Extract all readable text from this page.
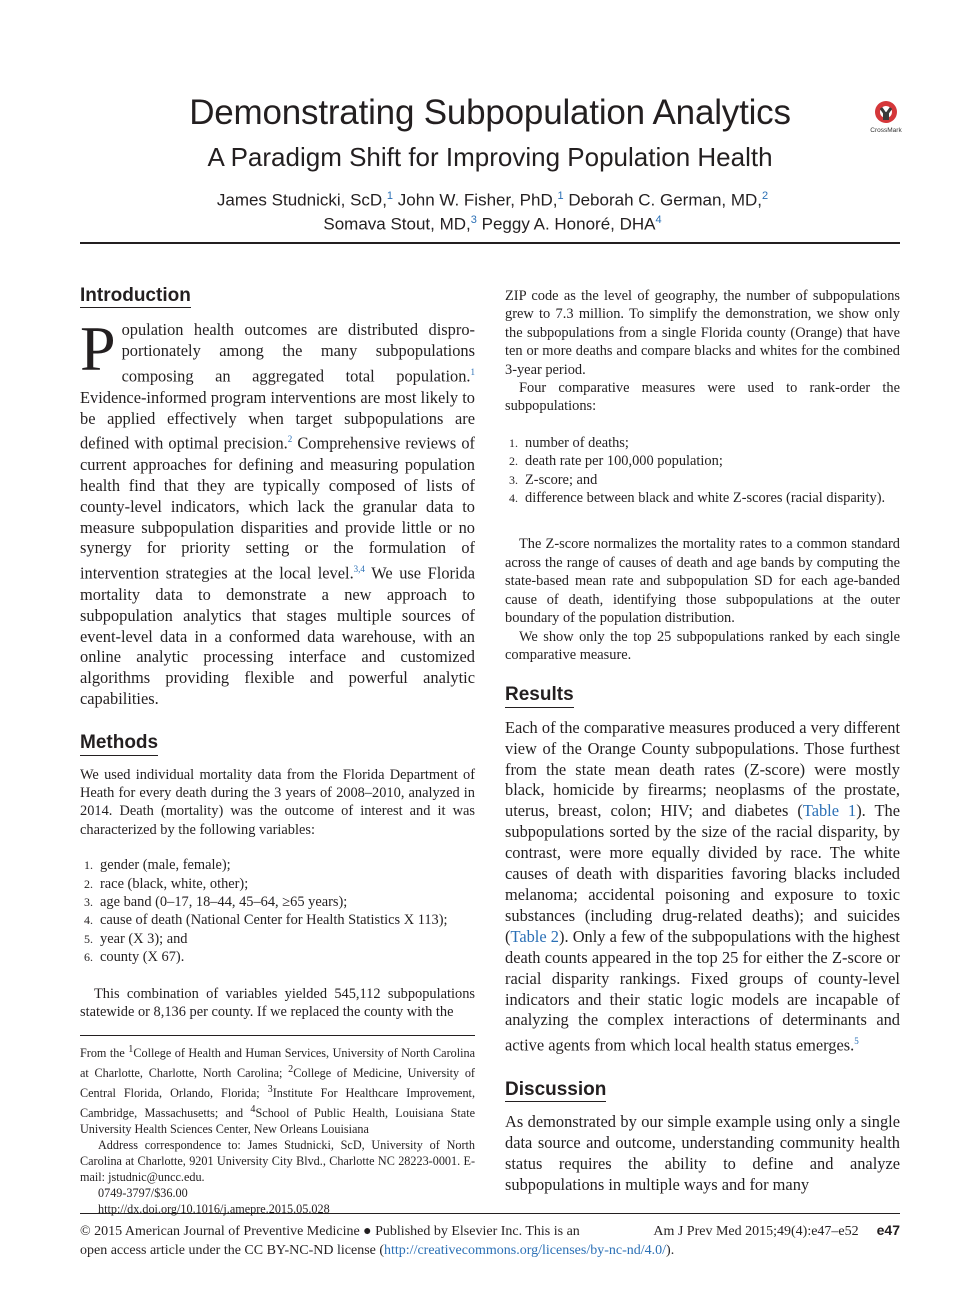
Demonstrating Subpopulation Analytics	CrossMark
A Paradigm Shift for Improving Population Health

James Studnicki, ScD,$^1$ John W. Fisher, PhD,$^1$ Deborah C. German, MD,$^2$

Somava Stout, MD,$^3$ Peggy A. Honoré, DHA$^4$

Introduction

Population health outcomes are distributed disproportionately among the many subpopulations composing an aggregated total population.$^1$ Evidence-informed program interventions are most likely to be applied effectively when target subpopulations are defined with optimal precision.$^2$ Comprehensive reviews of current approaches for defining and measuring population health find that they are typically composed of lists of county-level indicators, which lack the granular data to measure subpopulation disparities and provide little or no synergy for priority setting or the formulation of intervention strategies at the local level.$^{3,4}$ We use Florida mortality data to demonstrate a new approach to subpopulation analytics that stages multiple sources of event-level data in a conformed data warehouse, with an online analytic processing interface and customized algorithms providing flexible and powerful analytic capabilities.

Methods

We used individual mortality data from the Florida Department of Heath for every death during the 3 years of 2008–2010, analyzed in 2014. Death (mortality) was the outcome of interest and it was characterized by the following variables:

1. gender (male, female);
2. race (black, white, other);
3. age band (0–17, 18–44, 45–64, ≥65 years);
4. cause of death (National Center for Health Statistics X 113);
5. year (X 3); and
6. county (X 67).

This combination of variables yielded 545,112 subpopulations statewide or 8,136 per county. If we replaced the county with the

From the $^1$College of Health and Human Services, University of North Carolina at Charlotte, Charlotte, North Carolina; $^2$College of Medicine, University of Central Florida, Orlando, Florida; $^3$Institute For Healthcare Improvement, Cambridge, Massachusetts; and $^4$School of Public Health, Louisiana State University Health Sciences Center, New Orleans Louisiana
Address correspondence to: James Studnicki, ScD, University of North Carolina at Charlotte, 9201 University City Blvd., Charlotte NC 28223-0001. E-mail: jstudnic@uncc.edu.
0749-3797/$36.00
http://dx.doi.org/10.1016/j.amepre.2015.05.028

ZIP code as the level of geography, the number of subpopulations grew to 7.3 million. To simplify the demonstration, we show only the subpopulations from a single Florida county (Orange) that have ten or more deaths and compare blacks and whites for the combined 3-year period.

Four comparative measures were used to rank-order the subpopulations:

1. number of deaths;
2. death rate per 100,000 population;
3. Z-score; and
4. difference between black and white Z-scores (racial disparity).

The Z-score normalizes the mortality rates to a common standard across the range of causes of death and age bands by computing the state-based mean rate and subpopulation SD for each age-banded cause of death, identifying those subpopulations at the outer boundary of the population distribution.

We show only the top 25 subpopulations ranked by each single comparative measure.

Results

Each of the comparative measures produced a very different view of the Orange County subpopulations. Those furthest from the state mean death rates (Z-score) were mostly black, homicide by firearms; neoplasms of the prostate, uterus, breast, colon; HIV; and diabetes (Table 1). The subpopulations sorted by the size of the racial disparity, by contrast, were more equally divided by race. The white causes of death with disparities favoring blacks included melanoma; accidental poisoning and exposure to toxic substances (including drug-related deaths); and suicides (Table 2). Only a few of the subpopulations with the highest death counts appeared in the top 25 for either the Z-score or racial disparity rankings. Fixed groups of county-level indicators and their static logic models are incapable of analyzing the complex interactions of determinants and active agents from which local health status emerges.$^5$

Discussion

As demonstrated by our simple example using only a single data source and outcome, understanding community health status requires the ability to define and analyze subpopulations in multiple ways and for many

© 2015 American Journal of Preventive Medicine ● Published by Elsevier Inc. This is an
open access article under the CC BY-NC-ND license (http://creativecommons.org/licenses/by-nc-nd/4.0/).
Am J Prev Med 2015;49(4):e47–e52 e47
